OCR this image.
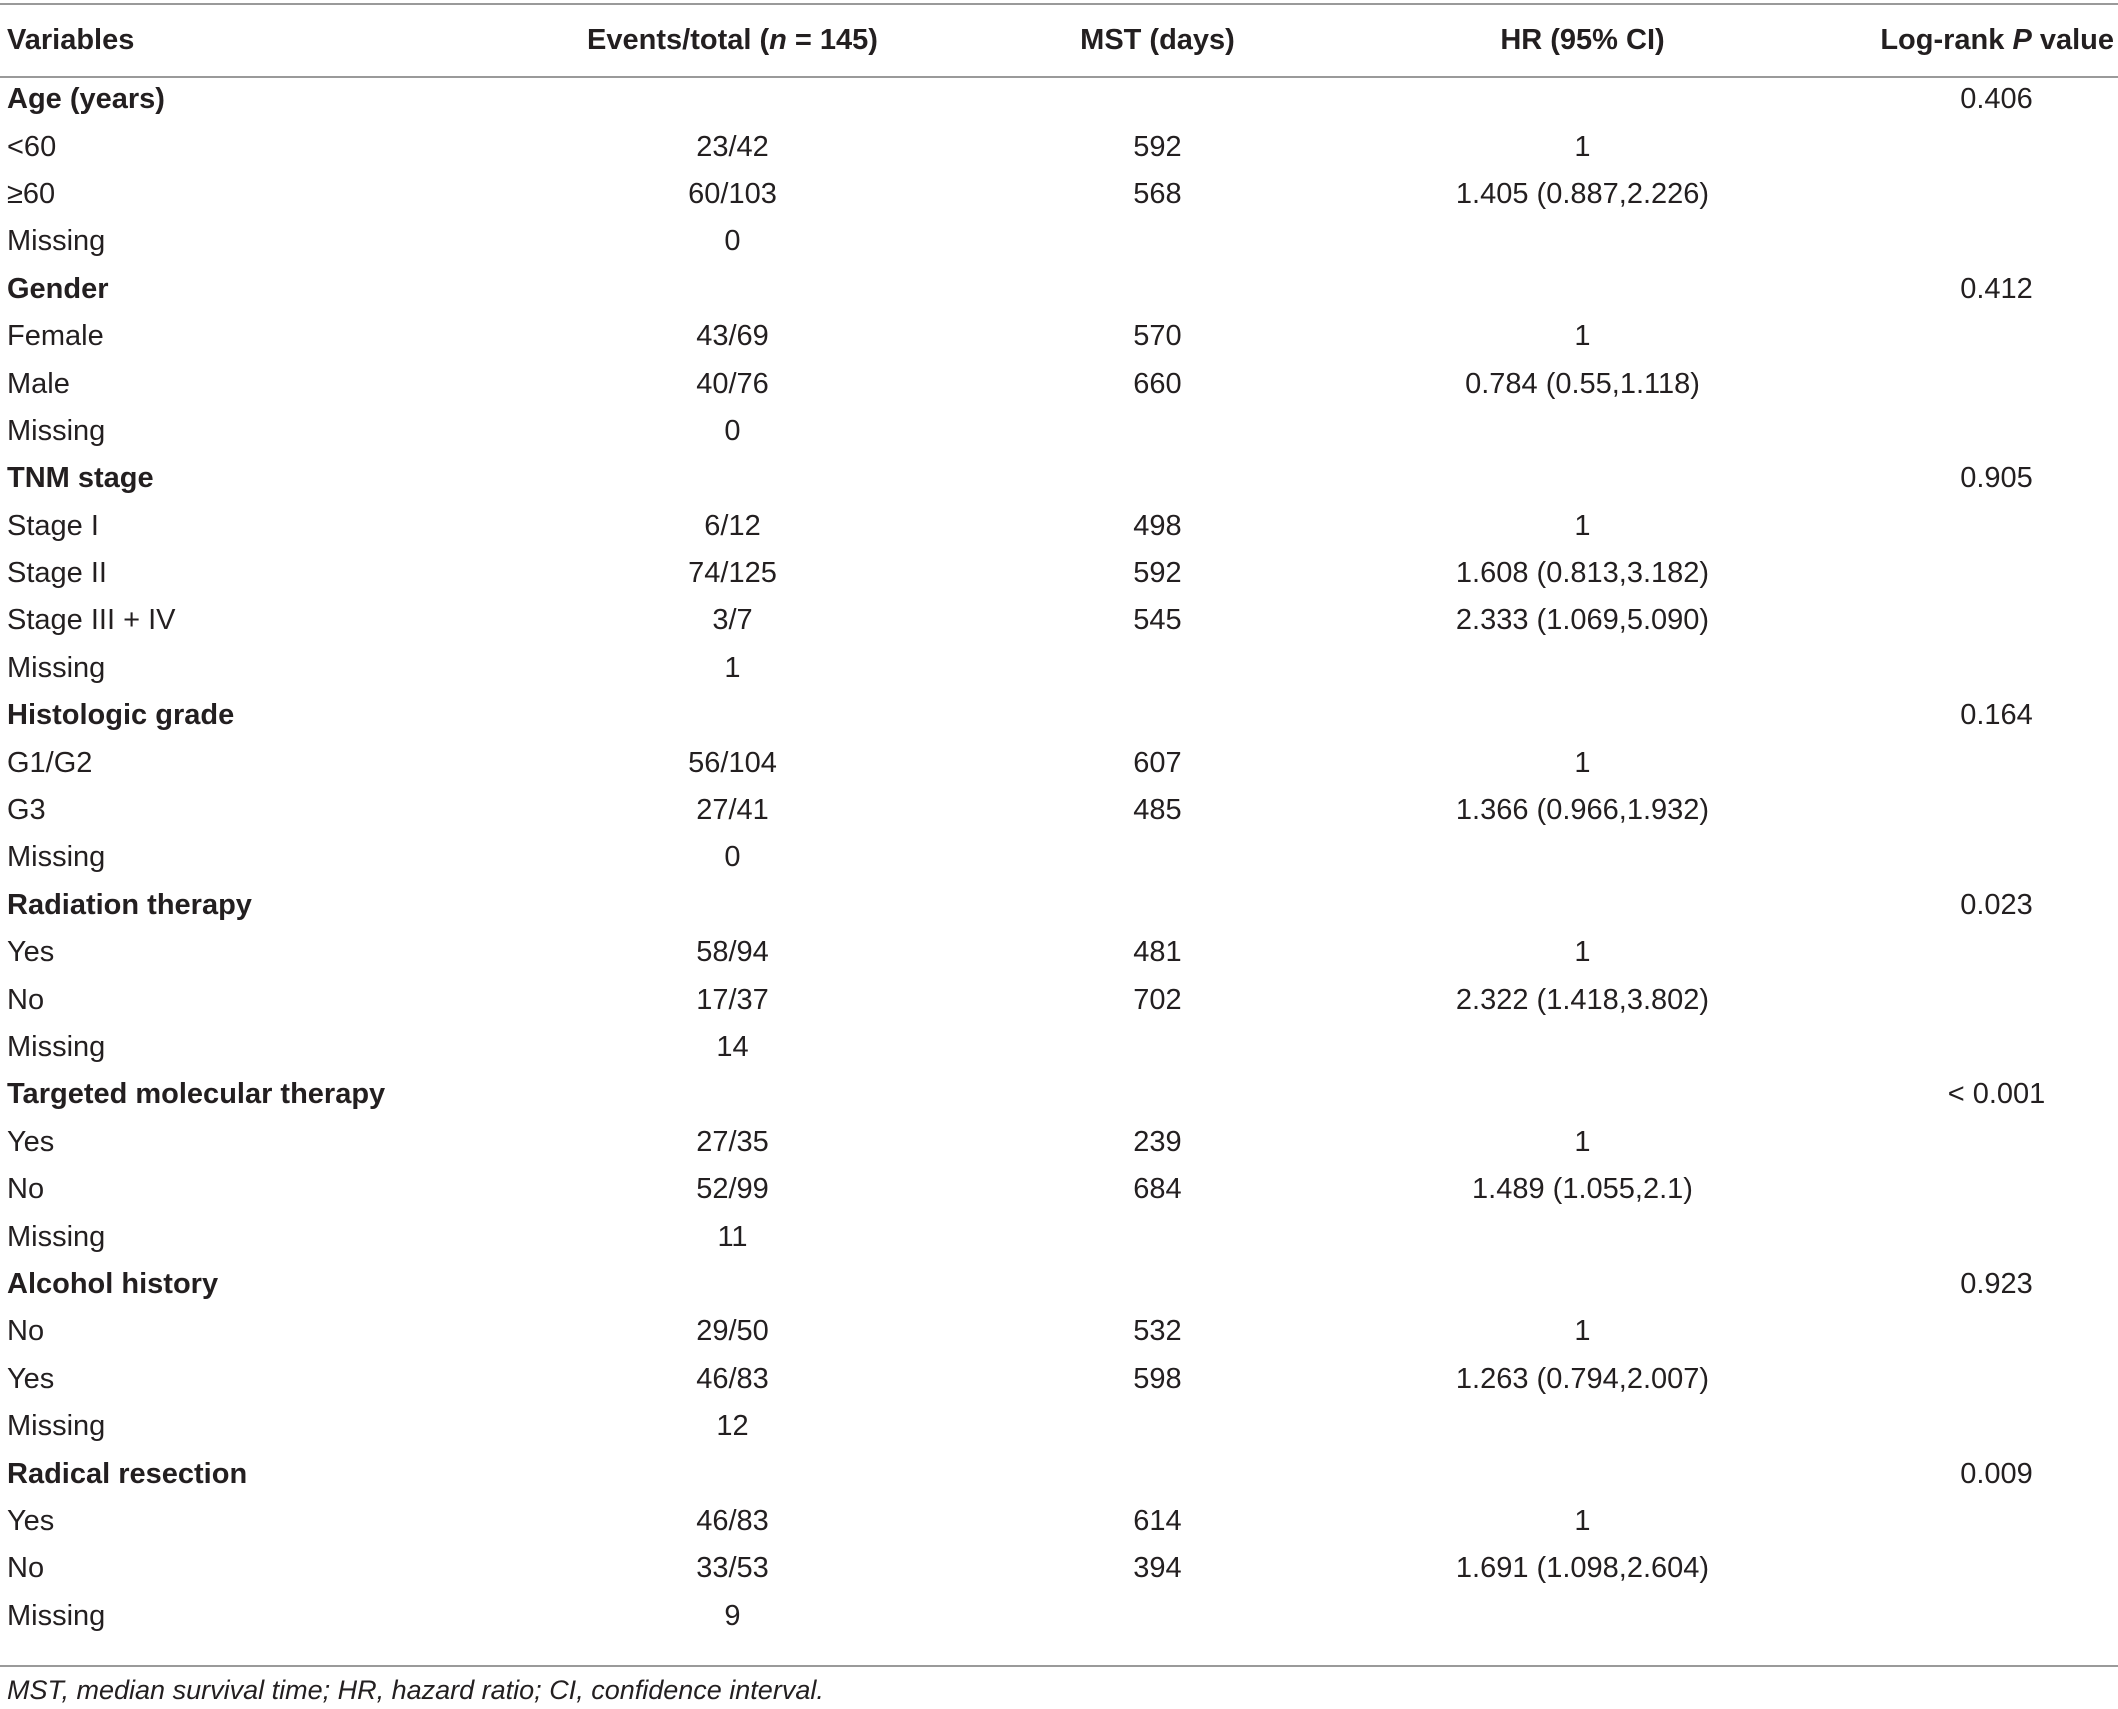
Variables	Events/total (n = 145)	MST (days)	HR (95% CI)	Log-rank P value
Age (years)				0.406
<60	23/42	592	1	
≥60	60/103	568	1.405 (0.887,2.226)	
Missing	0			
Gender				0.412
Female	43/69	570	1	
Male	40/76	660	0.784 (0.55,1.118)	
Missing	0			
TNM stage				0.905
Stage I	6/12	498	1	
Stage II	74/125	592	1.608 (0.813,3.182)	
Stage III + IV	3/7	545	2.333 (1.069,5.090)	
Missing	1			
Histologic grade				0.164
G1/G2	56/104	607	1	
G3	27/41	485	1.366 (0.966,1.932)	
Missing	0			
Radiation therapy				0.023
Yes	58/94	481	1	
No	17/37	702	2.322 (1.418,3.802)	
Missing	14			
Targeted molecular therapy				< 0.001
Yes	27/35	239	1	
No	52/99	684	1.489 (1.055,2.1)	
Missing	11			
Alcohol history				0.923
No	29/50	532	1	
Yes	46/83	598	1.263 (0.794,2.007)	
Missing	12			
Radical resection				0.009
Yes	46/83	614	1	
No	33/53	394	1.691 (1.098,2.604)	
Missing	9			
MST, median survival time; HR, hazard ratio; CI, confidence interval.
